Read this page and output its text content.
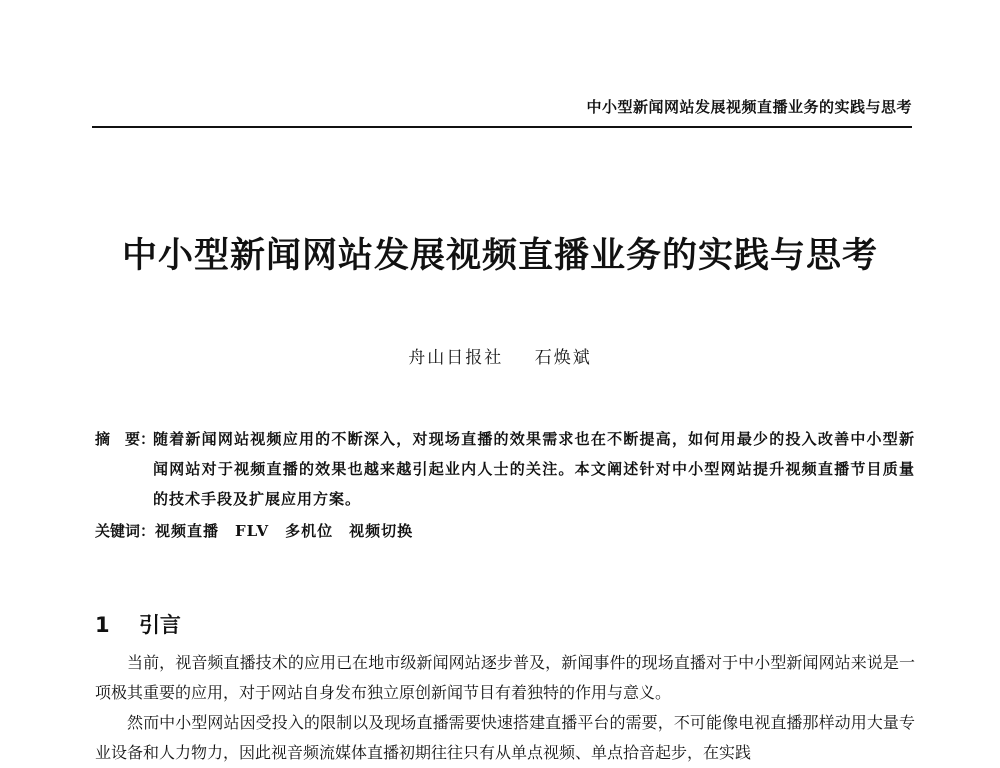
中小型新闻网站发展视频直播业务的实践与思考
中小型新闻网站发展视频直播业务的实践与思考
舟山日报社 石焕斌
摘　要：
随着新闻网站视频应用的不断深入，对现场直播的效果需求也在不断提高，如何用最少的投入改善中小型新闻网站对于视频直播的效果也越来越引起业内人士的关注。本文阐述针对中小型网站提升视频直播节目质量的技术手段及扩展应用方案。
关键词： 视频直播 FLV 多机位 视频切换
1 引言

当前，视音频直播技术的应用已在地市级新闻网站逐步普及，新闻事件的现场直播对于中小型新闻网站来说是一项极其重要的应用，对于网站自身发布独立原创新闻节目有着独特的作用与意义。

然而中小型网站因受投入的限制以及现场直播需要快速搭建直播平台的需要，不可能像电视直播那样动用大量专业设备和人力物力，因此视音频流媒体直播初期往往只有从单点视频、单点拾音起步，在实践
